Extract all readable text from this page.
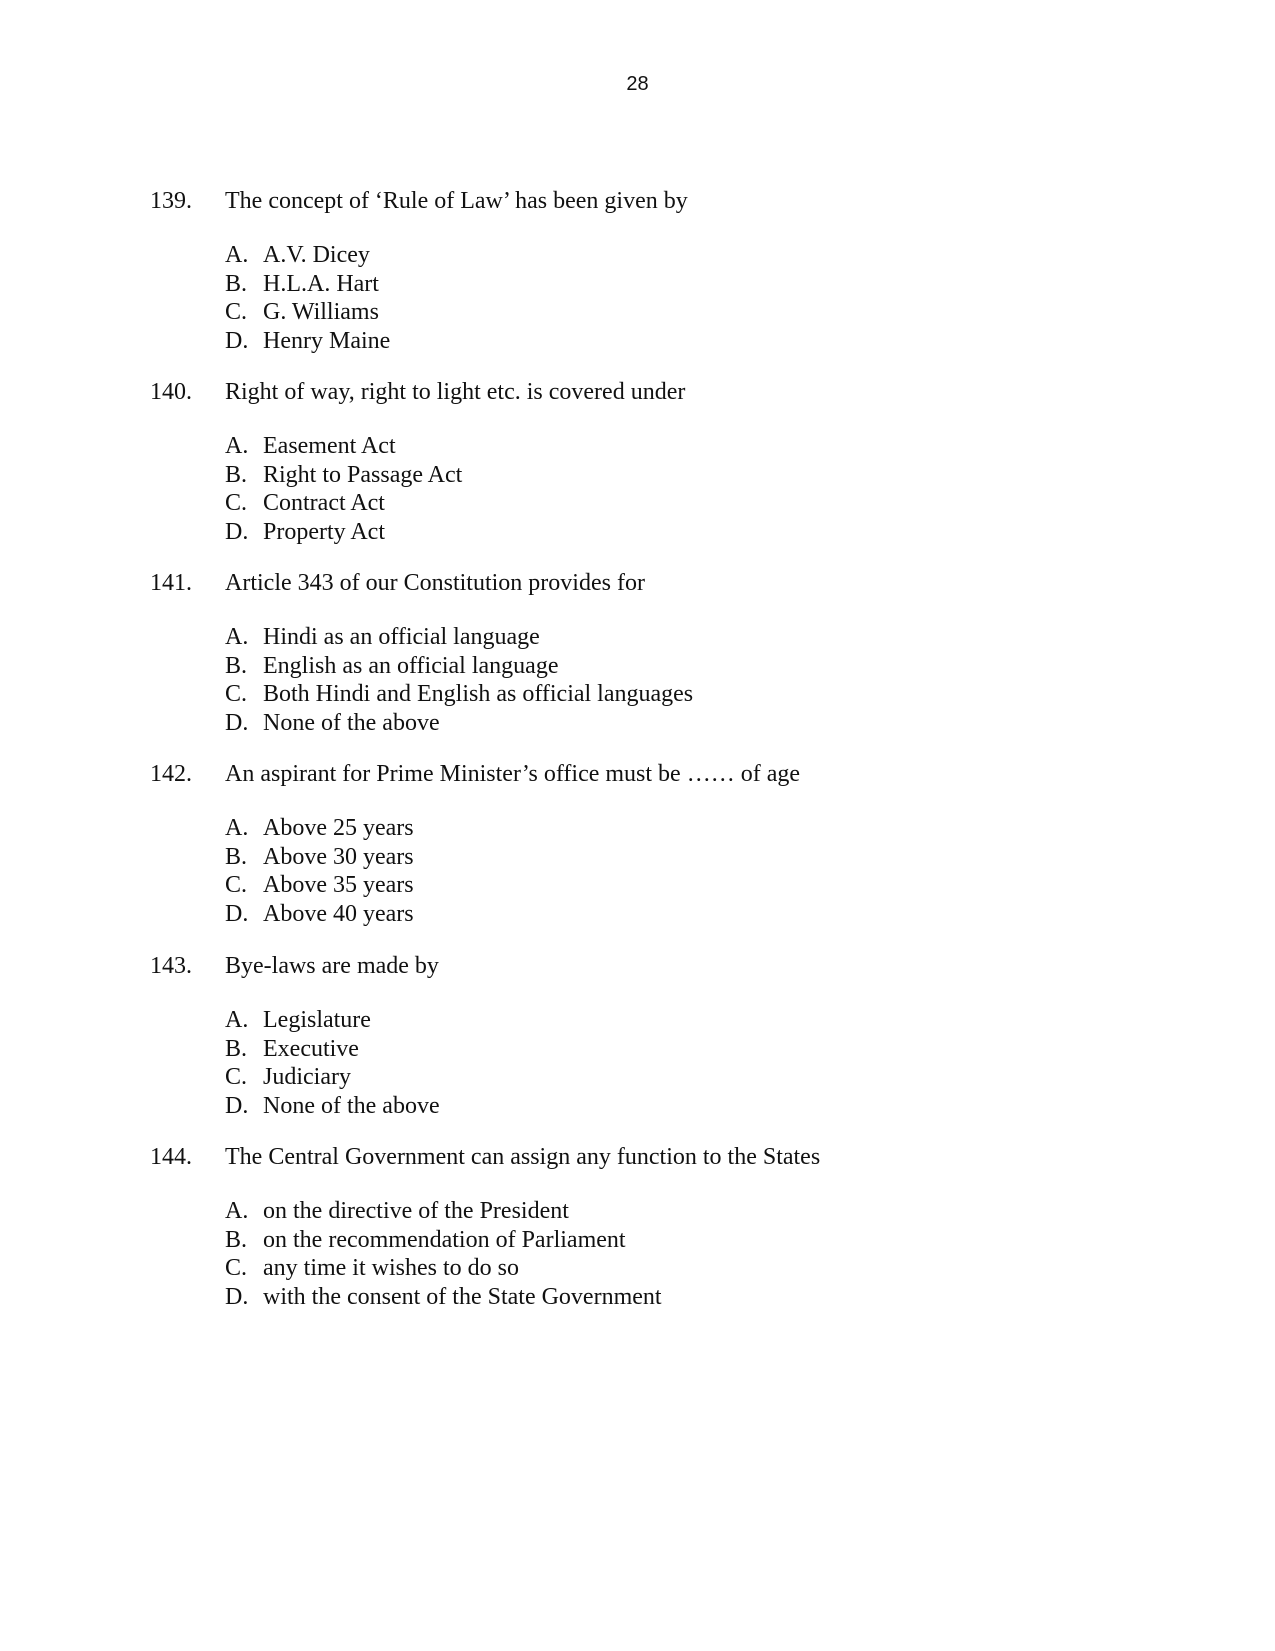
28
139. The concept of ‘Rule of Law’ has been given by
A. A.V. Dicey
B. H.L.A. Hart
C. G. Williams
D. Henry Maine
140. Right of way, right to light etc. is covered under
A. Easement Act
B. Right to Passage Act
C. Contract Act
D. Property Act
141. Article 343 of our Constitution provides for
A. Hindi as an official language
B. English as an official language
C. Both Hindi and English as official languages
D. None of the above
142. An aspirant for Prime Minister’s office must be …… of age
A. Above 25 years
B. Above 30 years
C. Above 35 years
D. Above 40 years
143. Bye-laws are made by
A. Legislature
B. Executive
C. Judiciary
D. None of the above
144. The Central Government can assign any function to the States
A. on the directive of the President
B. on the recommendation of Parliament
C. any time it wishes to do so
D. with the consent of the State Government
